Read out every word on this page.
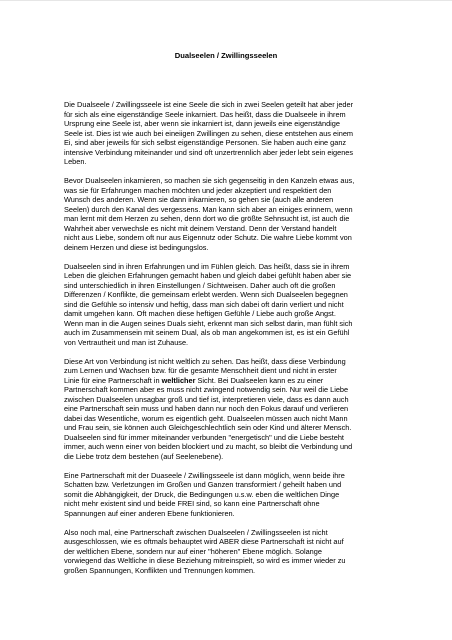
Dualseelen / Zwillingsseelen

Die Dualseele / Zwillingsseele ist eine Seele die sich in zwei Seelen geteilt hat aber jeder
für sich als eine eigenständige Seele inkarniert. Das heißt, dass die Dualseele in ihrem
Ursprung eine Seele ist, aber wenn sie inkarniert ist, dann jeweils eine eigenständige
Seele ist. Dies ist wie auch bei eineiigen Zwillingen zu sehen, diese entstehen aus einem
Ei, sind aber jeweils für sich selbst eigenständige Personen. Sie haben auch eine ganz
intensive Verbindung miteinander und sind oft unzertrennlich aber jeder lebt sein eigenes
Leben.

Bevor Dualseelen inkarnieren, so machen sie sich gegenseitig in den Kanzeln etwas aus,
was sie für Erfahrungen machen möchten und jeder akzeptiert und respektiert den
Wunsch des anderen. Wenn sie dann inkarnieren, so gehen sie (auch alle anderen
Seelen) durch den Kanal des vergessens. Man kann sich aber an einiges erinnern, wenn
man lernt mit dem Herzen zu sehen, denn dort wo die größte Sehnsucht ist, ist auch die
Wahrheit aber verwechsle es nicht mit deinem Verstand. Denn der Verstand handelt
nicht aus Liebe, sondern oft nur aus Eigennutz oder Schutz. Die wahre Liebe kommt von
deinem Herzen und diese ist bedingungslos.

Dualseelen sind in ihren Erfahrungen und im Fühlen gleich. Das heißt, dass sie in ihrem
Leben die gleichen Erfahrungen gemacht haben und gleich dabei gefühlt haben aber sie
sind unterschiedlich in ihren Einstellungen / Sichtweisen. Daher auch oft die großen
Differenzen / Konflikte, die gemeinsam erlebt werden. Wenn sich Dualseelen begegnen
sind die Gefühle so intensiv und heftig, dass man sich dabei oft darin verliert und nicht
damit umgehen kann. Oft machen diese heftigen Gefühle / Liebe auch große Angst.
Wenn man in die Augen seines Duals sieht, erkennt man sich selbst darin, man fühlt sich
auch im Zusammensein mit seinem Dual, als ob man angekommen ist, es ist ein Gefühl
von Vertrautheit und man ist Zuhause.

Diese Art von Verbindung ist nicht weltlich zu sehen. Das heißt, dass diese Verbindung
zum Lernen und Wachsen bzw. für die gesamte Menschheit dient und nicht in erster
Linie für eine Partnerschaft in weltlicher Sicht. Bei Dualseelen kann es zu einer
Partnerschaft kommen aber es muss nicht zwingend notwendig sein. Nur weil die Liebe
zwischen Dualseelen unsagbar groß und tief ist, interpretieren viele, dass es dann auch
eine Partnerschaft sein muss und haben dann nur noch den Fokus darauf und verlieren
dabei das Wesentliche, worum es eigentlich geht. Dualseelen müssen auch nicht Mann
und Frau sein, sie können auch Gleichgeschlechtlich sein oder Kind und älterer Mensch.
Dualseelen sind für immer miteinander verbunden "energetisch" und die Liebe besteht
immer, auch wenn einer von beiden blockiert und zu macht, so bleibt die Verbindung und
die Liebe trotz dem bestehen (auf Seelenebene).

Eine Partnerschaft mit der Duaseele / Zwillingsseele ist dann möglich, wenn beide ihre
Schatten bzw. Verletzungen im Großen und Ganzen transformiert / geheilt haben und
somit die Abhängigkeit, der Druck, die Bedingungen u.s.w. eben die weltlichen Dinge
nicht mehr existent sind und beide FREI sind, so kann eine Partnerschaft ohne
Spannungen auf einer anderen Ebene funktionieren.

Also noch mal, eine Partnerschaft zwischen Dualseelen / Zwillingsseelen ist nicht
ausgeschlossen, wie es oftmals behauptet wird ABER diese Partnerschaft ist nicht auf
der weltlichen Ebene, sondern nur auf einer "höheren" Ebene möglich. Solange
vorwiegend das Weltliche in diese Beziehung mitreinspielt, so wird es immer wieder zu
großen Spannungen, Konflikten und Trennungen kommen.
